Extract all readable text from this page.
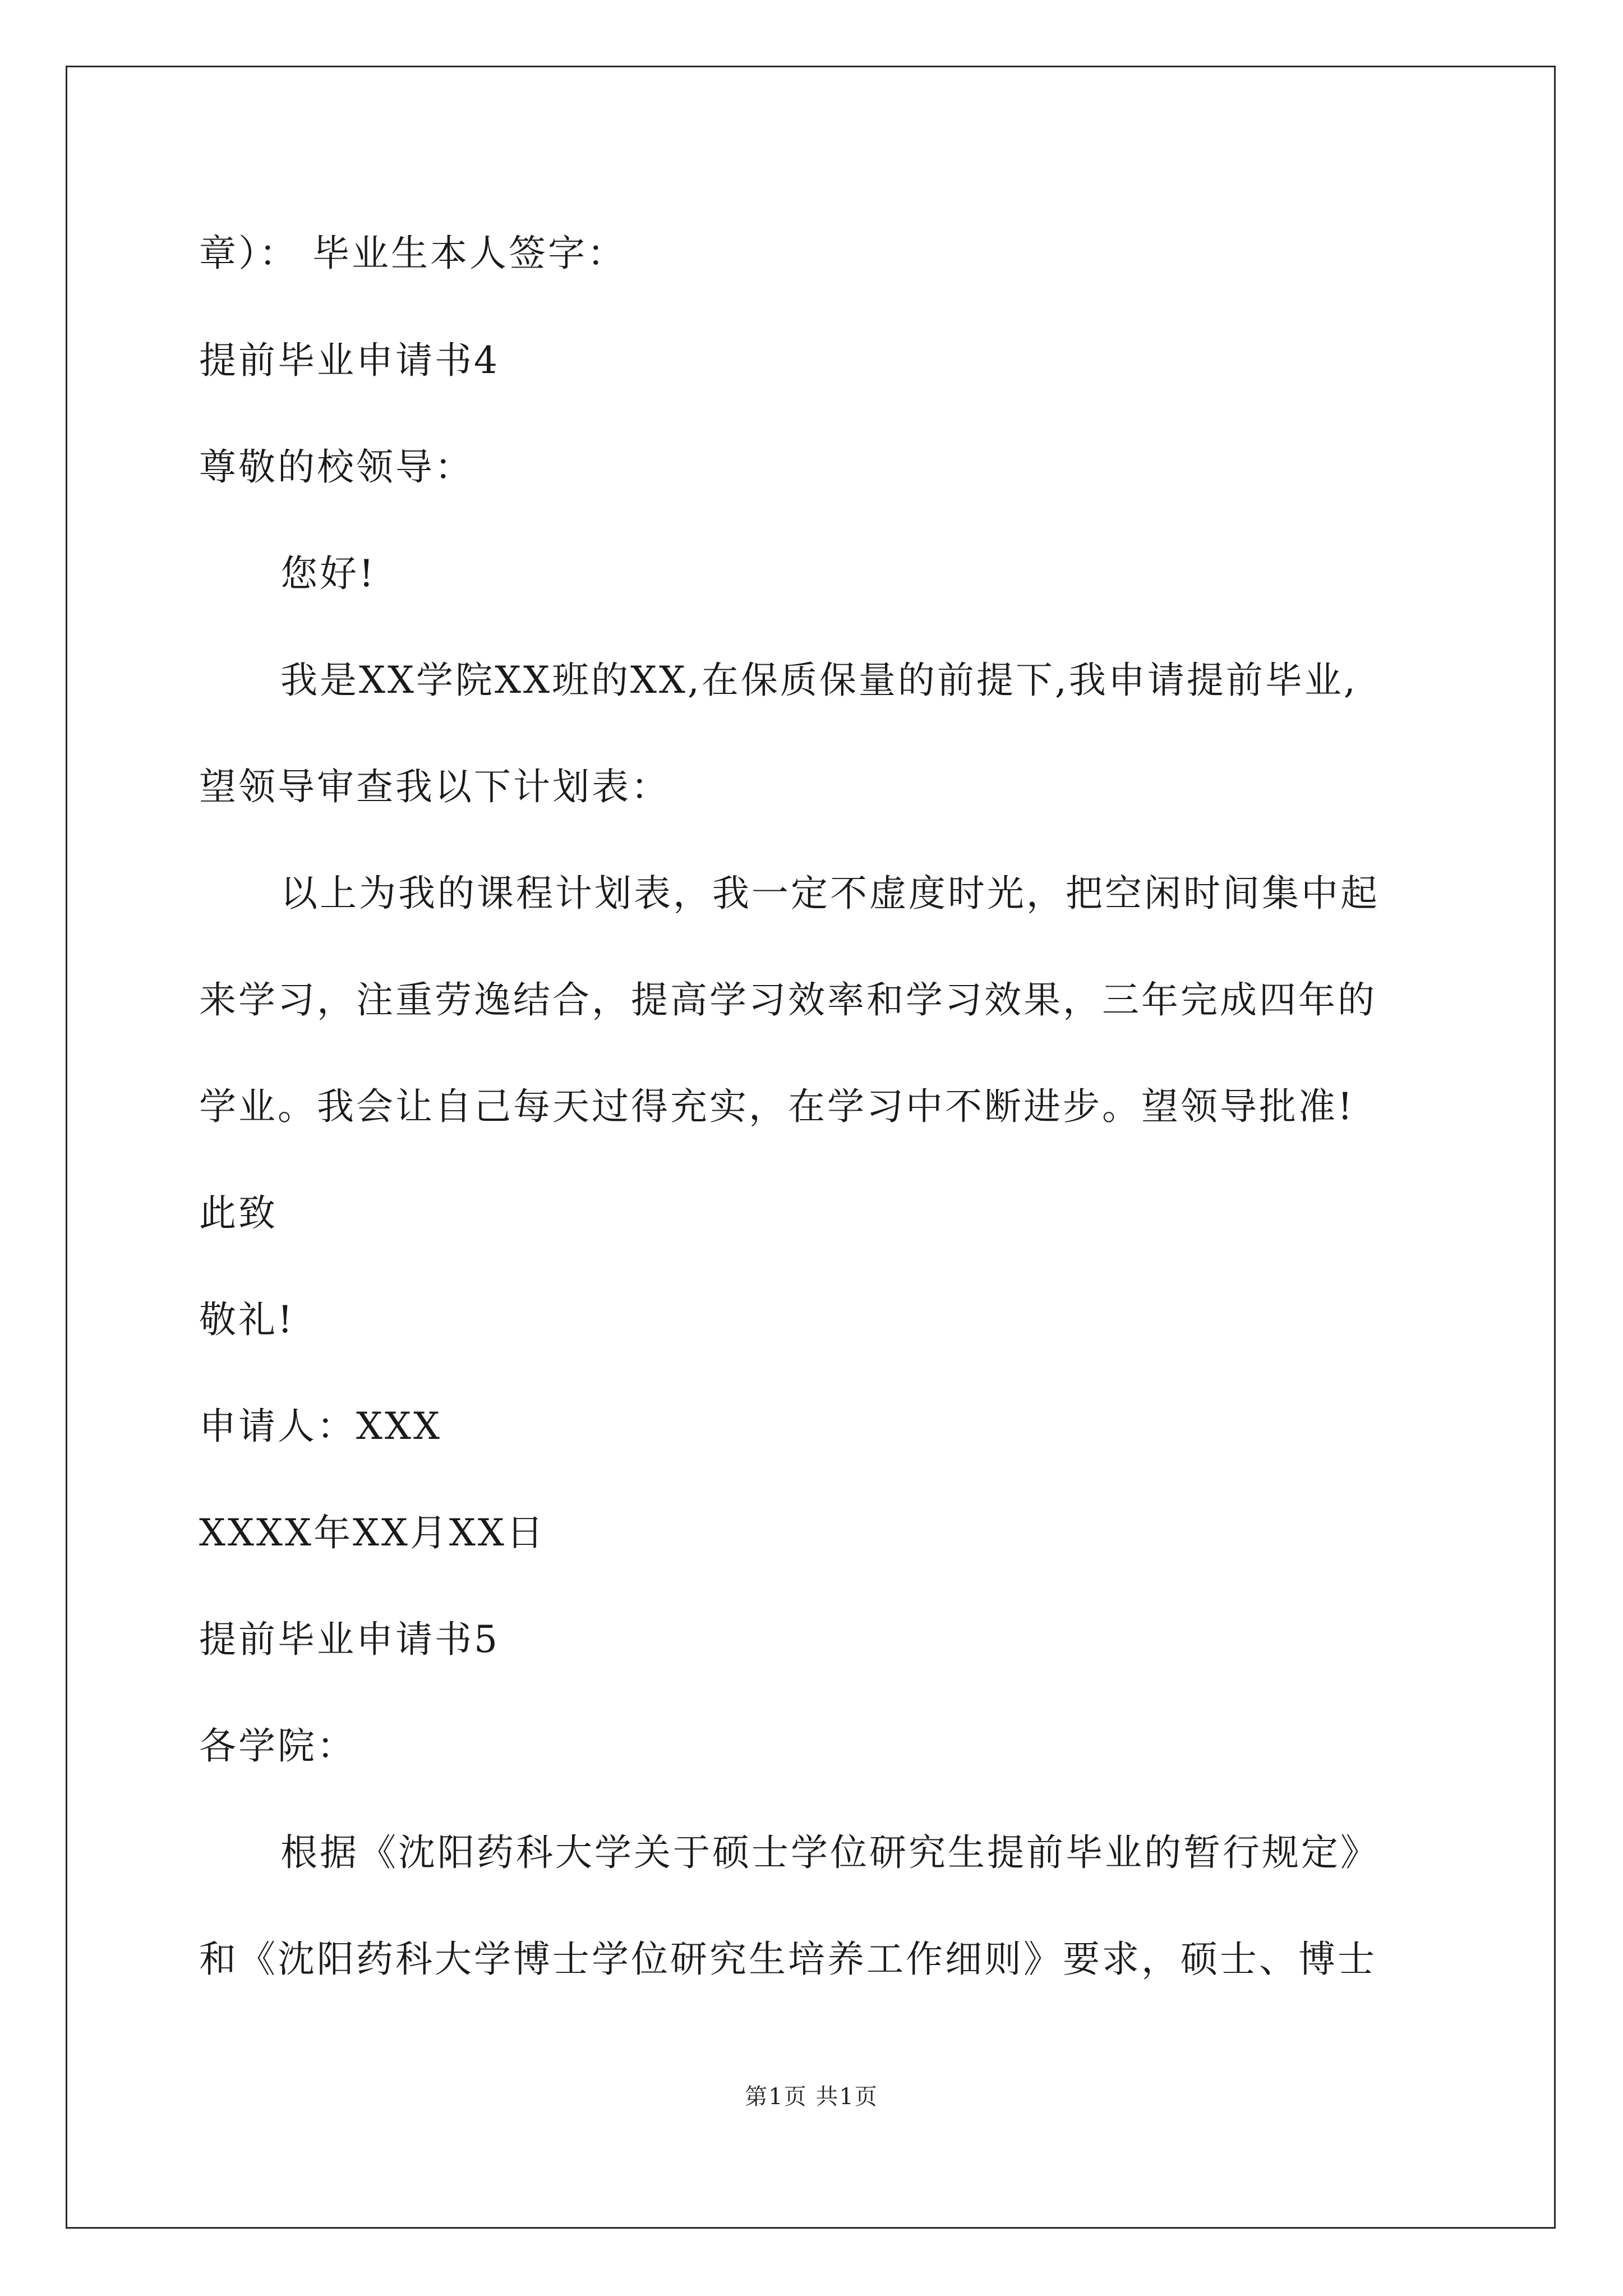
章）： 毕业生本人签字：
提前毕业申请书4
尊敬的校领导：
您好!
我是XX学院XX班的XX,在保质保量的前提下,我申请提前毕业,
望领导审查我以下计划表：
以上为我的课程计划表，我一定不虚度时光，把空闲时间集中起
来学习，注重劳逸结合，提高学习效率和学习效果，三年完成四年的
学业。我会让自己每天过得充实，在学习中不断进步。望领导批准!
此致
敬礼!
申请人：XXX
XXXX年XX月XX日
提前毕业申请书5
各学院：
根据《沈阳药科大学关于硕士学位研究生提前毕业的暂行规定》
和《沈阳药科大学博士学位研究生培养工作细则》要求，硕士、博士
第1页 共1页
